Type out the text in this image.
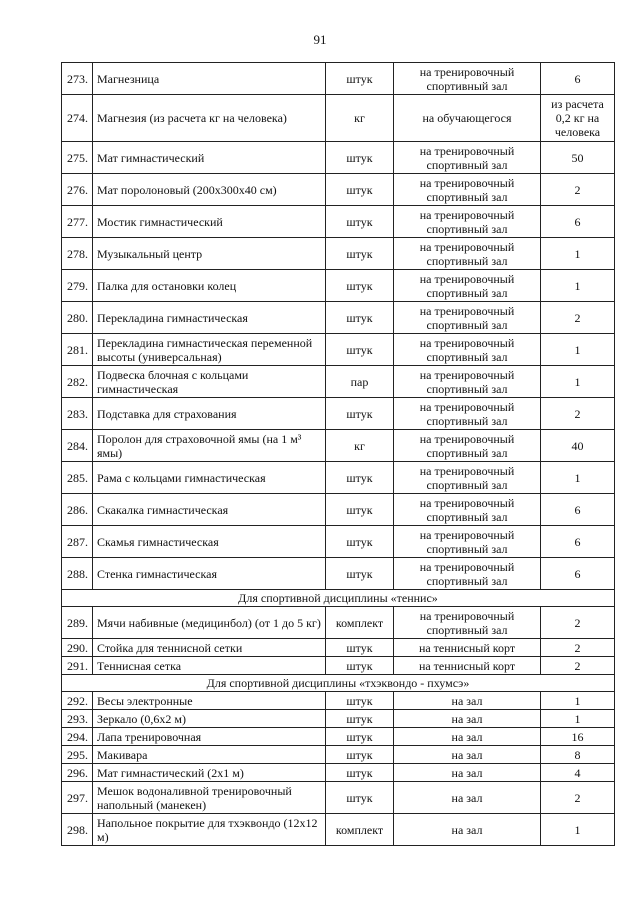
91
273.	Магнезница	штук	на тренировочный спортивный зал	6
274.	Магнезия (из расчета кг на человека)	кг	на обучающегося	из расчета 0,2 кг на человека
275.	Мат гимнастический	штук	на тренировочный спортивный зал	50
276.	Мат поролоновый (200х300х40 см)	штук	на тренировочный спортивный зал	2
277.	Мостик гимнастический	штук	на тренировочный спортивный зал	6
278.	Музыкальный центр	штук	на тренировочный спортивный зал	1
279.	Палка для остановки колец	штук	на тренировочный спортивный зал	1
280.	Перекладина гимнастическая	штук	на тренировочный спортивный зал	2
281.	Перекладина гимнастическая переменной высоты (универсальная)	штук	на тренировочный спортивный зал	1
282.	Подвеска блочная с кольцами гимнастическая	пар	на тренировочный спортивный зал	1
283.	Подставка для страхования	штук	на тренировочный спортивный зал	2
284.	Поролон для страховочной ямы (на 1 м³ ямы)	кг	на тренировочный спортивный зал	40
285.	Рама с кольцами гимнастическая	штук	на тренировочный спортивный зал	1
286.	Скакалка гимнастическая	штук	на тренировочный спортивный зал	6
287.	Скамья гимнастическая	штук	на тренировочный спортивный зал	6
288.	Стенка гимнастическая	штук	на тренировочный спортивный зал	6
Для спортивной дисциплины «теннис»				
289.	Мячи набивные (медицинбол) (от 1 до 5 кг)	комплект	на тренировочный спортивный зал	2
290.	Стойка для теннисной сетки	штук	на теннисный корт	2
291.	Теннисная сетка	штук	на теннисный корт	2
Для спортивной дисциплины «тхэквондо - пхумсэ»				
292.	Весы электронные	штук	на зал	1
293.	Зеркало (0,6х2 м)	штук	на зал	1
294.	Лапа тренировочная	штук	на зал	16
295.	Макивара	штук	на зал	8
296.	Мат гимнастический (2х1 м)	штук	на зал	4
297.	Мешок водоналивной тренировочный напольный (манекен)	штук	на зал	2
298.	Напольное покрытие для тхэквондо (12х12 м)	комплект	на зал	1
